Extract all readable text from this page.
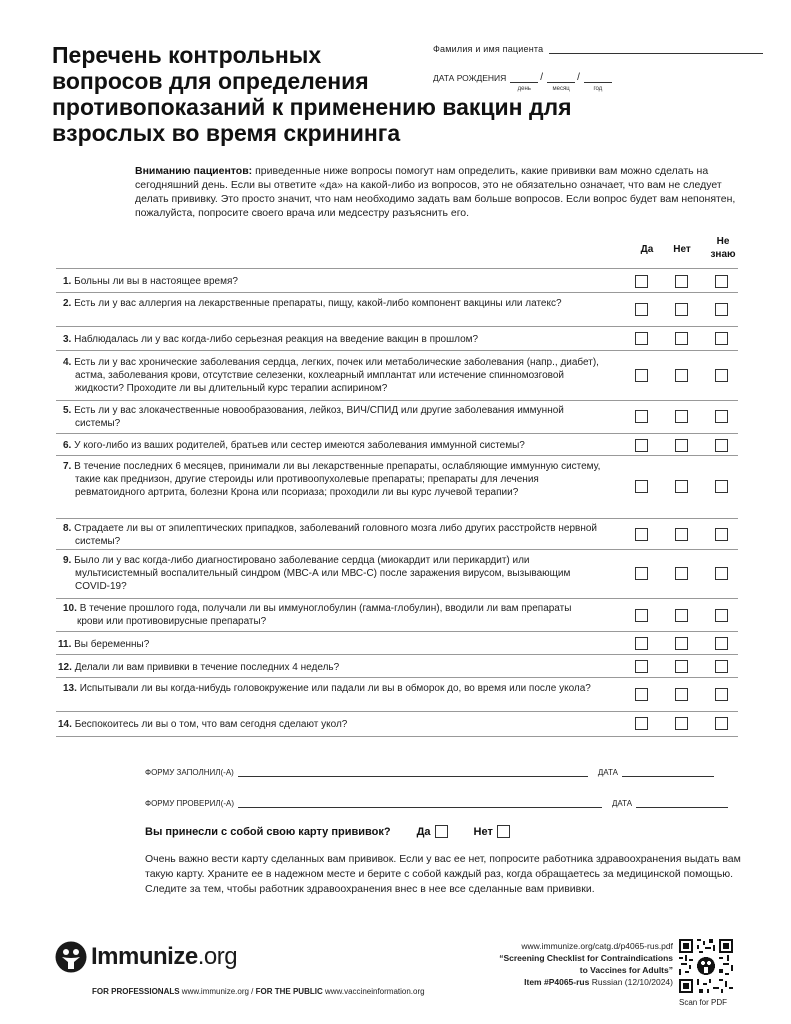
Перечень контрольных
вопросов для определения
противопоказаний к применению вакцин для
взрослых во время скрининга
Фамилия и имя пациента
ДАТА РОЖДЕНИЯ
день
/
месяц
/
год
Вниманию пациентов: приведенные ниже вопросы помогут нам определить, какие прививки вам можно сделать на сегодняшний день. Если вы ответите «да» на какой-либо из вопросов, это не обязательно означает, что вам не следует делать прививку. Это просто значит, что нам необходимо задать вам больше вопросов. Если вопрос будет вам непонятен, пожалуйста, попросите своего врача или медсестру разъяснить его.
Да	Нет
Не
знаю
1. Больны ли вы в настоящее время?
2. Есть ли у вас аллергия на лекарственные препараты, пищу, какой-либо компонент вакцины или латекс?
3. Наблюдалась ли у вас когда-либо серьезная реакция на введение вакцин в прошлом?
4. Есть ли у вас хронические заболевания сердца, легких, почек или метаболические заболевания (напр., диабет), астма, заболевания крови, отсутствие селезенки, кохлеарный имплантат или истечение спинномозговой жидкости? Проходите ли вы длительный курс терапии аспирином?
5. Есть ли у вас злокачественные новообразования, лейкоз, ВИЧ/СПИД или другие заболевания иммунной системы?
6. У кого-либо из ваших родителей, братьев или сестер имеются заболевания иммунной системы?
7. В течение последних 6 месяцев, принимали ли вы лекарственные препараты, ослабляющие иммунную систему, такие как преднизон, другие стероиды или противоопухолевые препараты; препараты для лечения ревматоидного артрита, болезни Крона или псориаза; проходили ли вы курс лучевой терапии?
8. Страдаете ли вы от эпилептических припадков, заболеваний головного мозга либо других расстройств нервной системы?
9. Было ли у вас когда-либо диагностировано заболевание сердца (миокардит или перикардит) или мультисистемный воспалительный синдром (МВС-А или МВС-С) после заражения вирусом, вызывающим COVID-19?
10. В течение прошлого года, получали ли вы иммуноглобулин (гамма-глобулин), вводили ли вам препараты крови или противовирусные препараты?
11. Вы беременны?
12. Делали ли вам прививки в течение последних 4 недель?
13. Испытывали ли вы когда-нибудь головокружение или падали ли вы в обморок до, во время или после укола?
14. Беспокоитесь ли вы о том, что вам сегодня сделают укол?
ФОРМУ ЗАПОЛНИЛ(-А)	ДАТА
ФОРМУ ПРОВЕРИЛ(-А)	ДАТА
Вы принесли с собой свою карту прививок? Да	Нет
Очень важно вести карту сделанных вам прививок. Если у вас ее нет, попросите работника здравоохранения выдать вам такую карту. Храните ее в надежном месте и берите с собой каждый раз, когда обращаетесь за медицинской помощью. Следите за тем, чтобы работник здравоохранения внес в нее все сделанные вам прививки.
Immunize.org
FOR PROFESSIONALS www.immunize.org / FOR THE PUBLIC www.vaccineinformation.org
www.immunize.org/catg.d/p4065-rus.pdf
“Screening Checklist for Contraindications
to Vaccines for Adults”
Item #P4065-rus Russian (12/10/2024)
Scan for PDF
